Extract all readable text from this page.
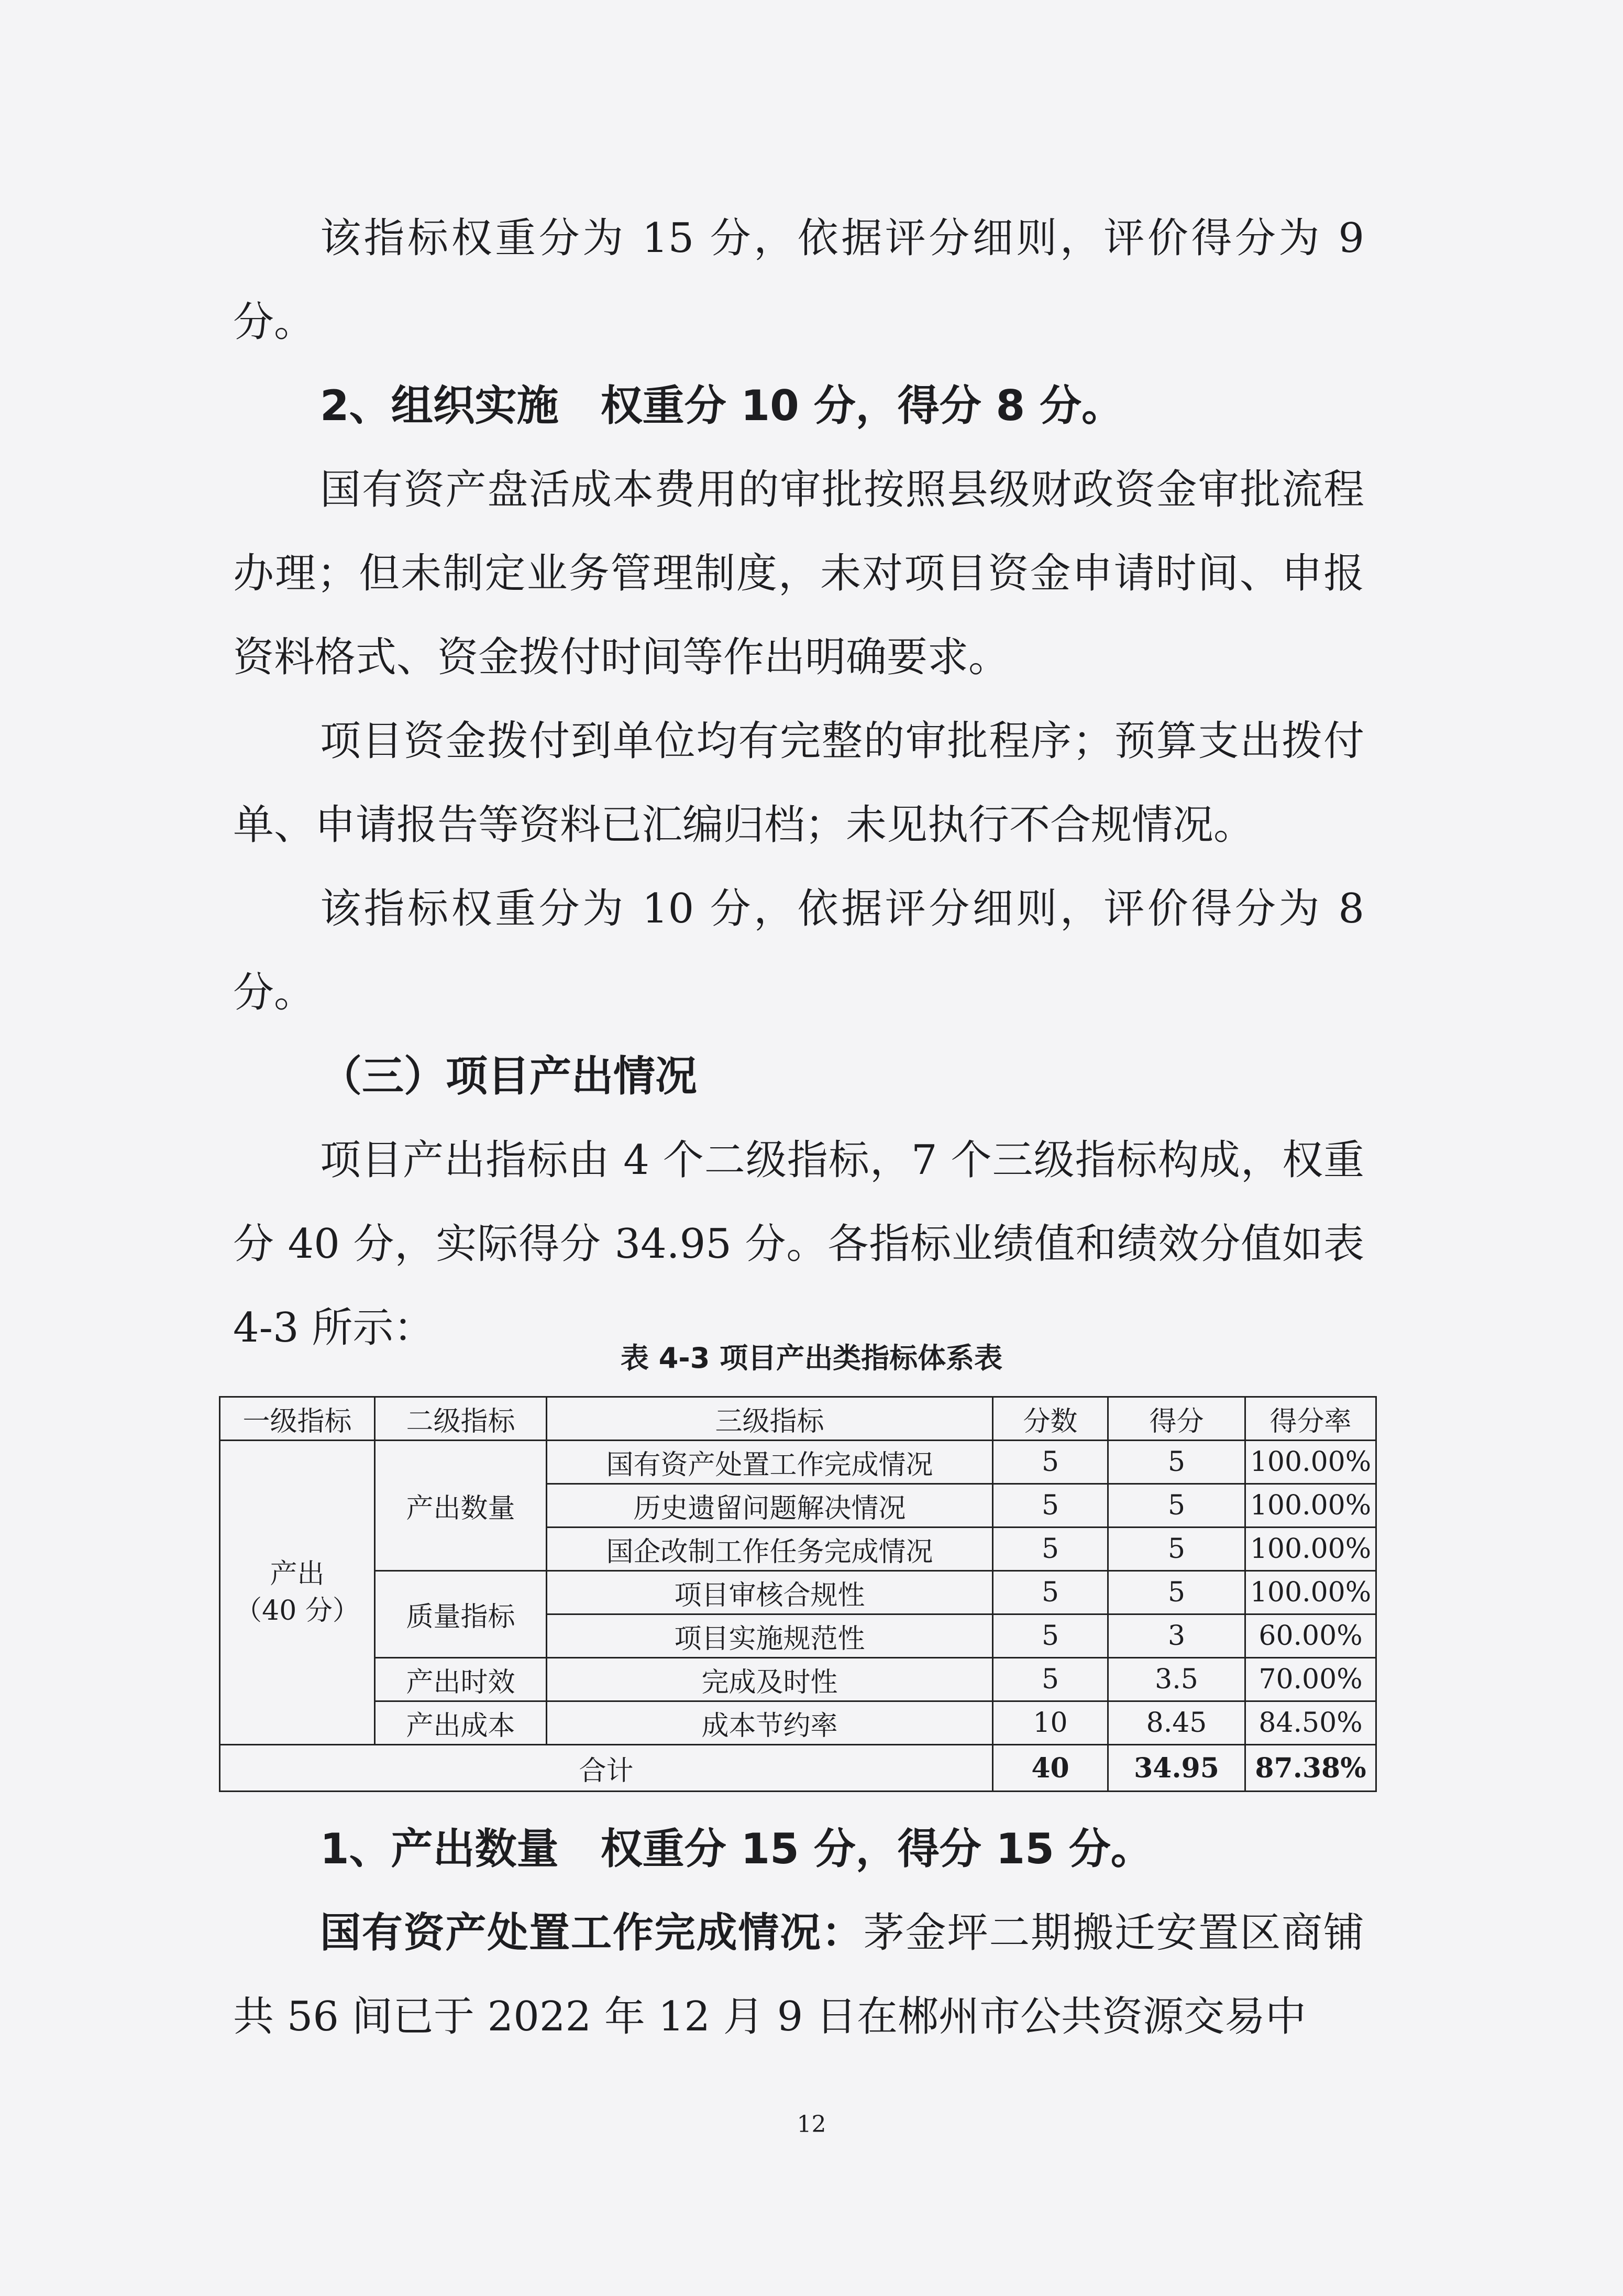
该指标权重分为 15 分，依据评分细则，评价得分为 9 分。

2、组织实施 权重分 10 分，得分 8 分。

国有资产盘活成本费用的审批按照县级财政资金审批流程办理；但未制定业务管理制度，未对项目资金申请时间、申报资料格式、资金拨付时间等作出明确要求。

项目资金拨付到单位均有完整的审批程序；预算支出拨付单、申请报告等资料已汇编归档；未见执行不合规情况。

该指标权重分为 10 分，依据评分细则，评价得分为 8 分。

（三）项目产出情况

项目产出指标由 4 个二级指标，7 个三级指标构成，权重分 40 分，实际得分 34.95 分。各指标业绩值和绩效分值如表 4-3 所示：

表 4-3 项目产出类指标体系表
一级指标	二级指标	三级指标	分数	得分	得分率
产出
（40 分）	产出数量	国有资产处置工作完成情况	5	5	100.00%
		历史遗留问题解决情况	5	5	100.00%
		国企改制工作任务完成情况	5	5	100.00%
	质量指标	项目审核合规性	5	5	100.00%
		项目实施规范性	5	3	60.00%
	产出时效	完成及时性	5	3.5	70.00%
	产出成本	成本节约率	10	8.45	84.50%
合计			40	34.95	87.38%

1、产出数量 权重分 15 分，得分 15 分。

国有资产处置工作完成情况：茅金坪二期搬迁安置区商铺共 56 间已于 2022 年 12 月 9 日在郴州市公共资源交易中

12
